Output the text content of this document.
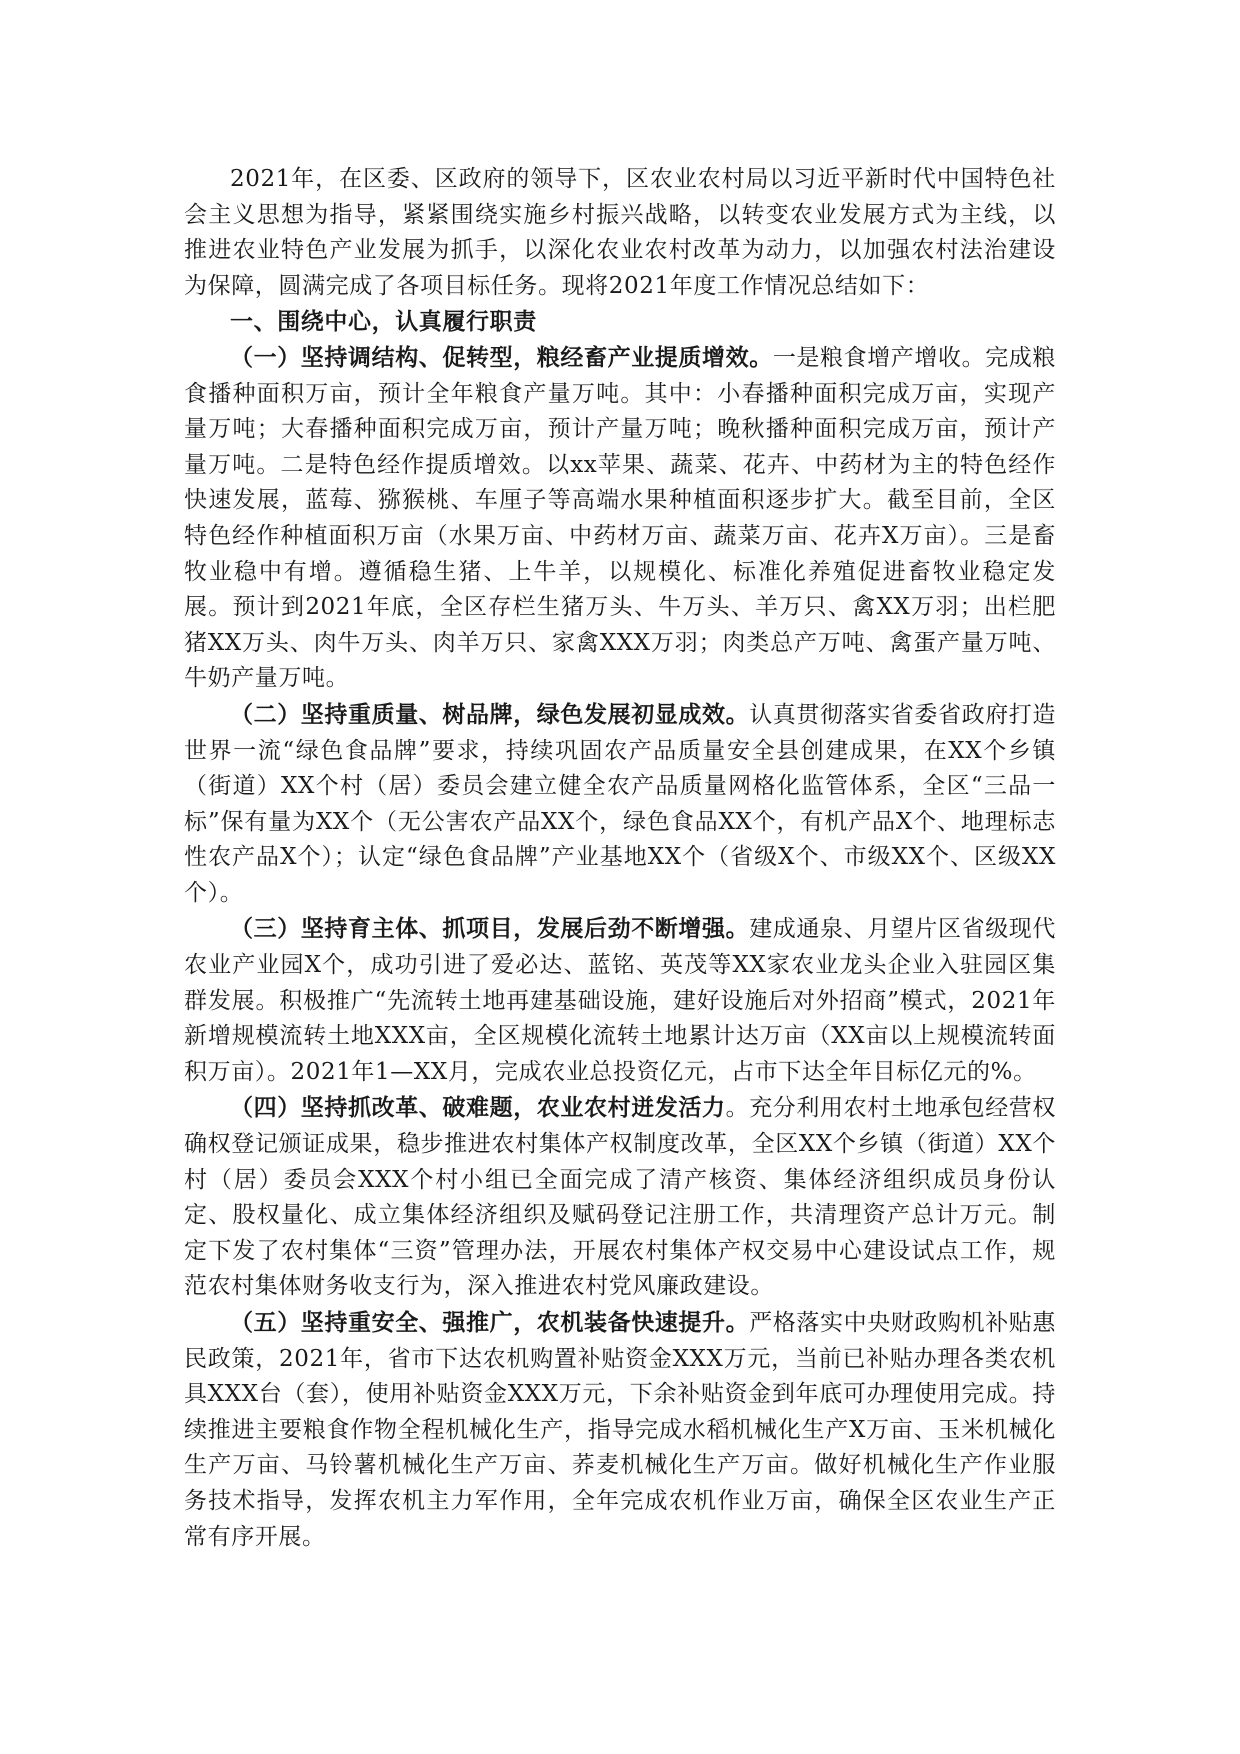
2021年，在区委、区政府的领导下，区农业农村局以习近平新时代中国特色社会主义思想为指导，紧紧围绕实施乡村振兴战略，以转变农业发展方式为主线，以推进农业特色产业发展为抓手，以深化农业农村改革为动力，以加强农村法治建设为保障，圆满完成了各项目标任务。现将2021年度工作情况总结如下：

一、围绕中心，认真履行职责

（一）坚持调结构、促转型，粮经畜产业提质增效。一是粮食增产增收。完成粮食播种面积万亩，预计全年粮食产量万吨。其中：小春播种面积完成万亩，实现产量万吨；大春播种面积完成万亩，预计产量万吨；晚秋播种面积完成万亩，预计产量万吨。二是特色经作提质增效。以xx苹果、蔬菜、花卉、中药材为主的特色经作快速发展，蓝莓、猕猴桃、车厘子等高端水果种植面积逐步扩大。截至目前，全区特色经作种植面积万亩（水果万亩、中药材万亩、蔬菜万亩、花卉X万亩）。三是畜牧业稳中有增。遵循稳生猪、上牛羊，以规模化、标准化养殖促进畜牧业稳定发展。预计到2021年底，全区存栏生猪万头、牛万头、羊万只、禽XX万羽；出栏肥猪XX万头、肉牛万头、肉羊万只、家禽XXX万羽；肉类总产万吨、禽蛋产量万吨、牛奶产量万吨。

（二）坚持重质量、树品牌，绿色发展初显成效。认真贯彻落实省委省政府打造世界一流“绿色食品牌”要求，持续巩固农产品质量安全县创建成果，在XX个乡镇（街道）XX个村（居）委员会建立健全农产品质量网格化监管体系，全区“三品一标”保有量为XX个（无公害农产品XX个，绿色食品XX个，有机产品X个、地理标志性农产品X个）；认定“绿色食品牌”产业基地XX个（省级X个、市级XX个、区级XX个）。

（三）坚持育主体、抓项目，发展后劲不断增强。建成通泉、月望片区省级现代农业产业园X个，成功引进了爱必达、蓝铭、英茂等XX家农业龙头企业入驻园区集群发展。积极推广“先流转土地再建基础设施，建好设施后对外招商”模式，2021年新增规模流转土地XXX亩，全区规模化流转土地累计达万亩（XX亩以上规模流转面积万亩）。2021年1—XX月，完成农业总投资亿元，占市下达全年目标亿元的%。

（四）坚持抓改革、破难题，农业农村迸发活力。充分利用农村土地承包经营权确权登记颁证成果，稳步推进农村集体产权制度改革，全区XX个乡镇（街道）XX个村（居）委员会XXX个村小组已全面完成了清产核资、集体经济组织成员身份认定、股权量化、成立集体经济组织及赋码登记注册工作，共清理资产总计万元。制定下发了农村集体“三资”管理办法，开展农村集体产权交易中心建设试点工作，规范农村集体财务收支行为，深入推进农村党风廉政建设。

（五）坚持重安全、强推广，农机装备快速提升。严格落实中央财政购机补贴惠民政策，2021年，省市下达农机购置补贴资金XXX万元，当前已补贴办理各类农机具XXX台（套），使用补贴资金XXX万元，下余补贴资金到年底可办理使用完成。持续推进主要粮食作物全程机械化生产，指导完成水稻机械化生产X万亩、玉米机械化生产万亩、马铃薯机械化生产万亩、荞麦机械化生产万亩。做好机械化生产作业服务技术指导，发挥农机主力军作用，全年完成农机作业万亩，确保全区农业生产正常有序开展。
